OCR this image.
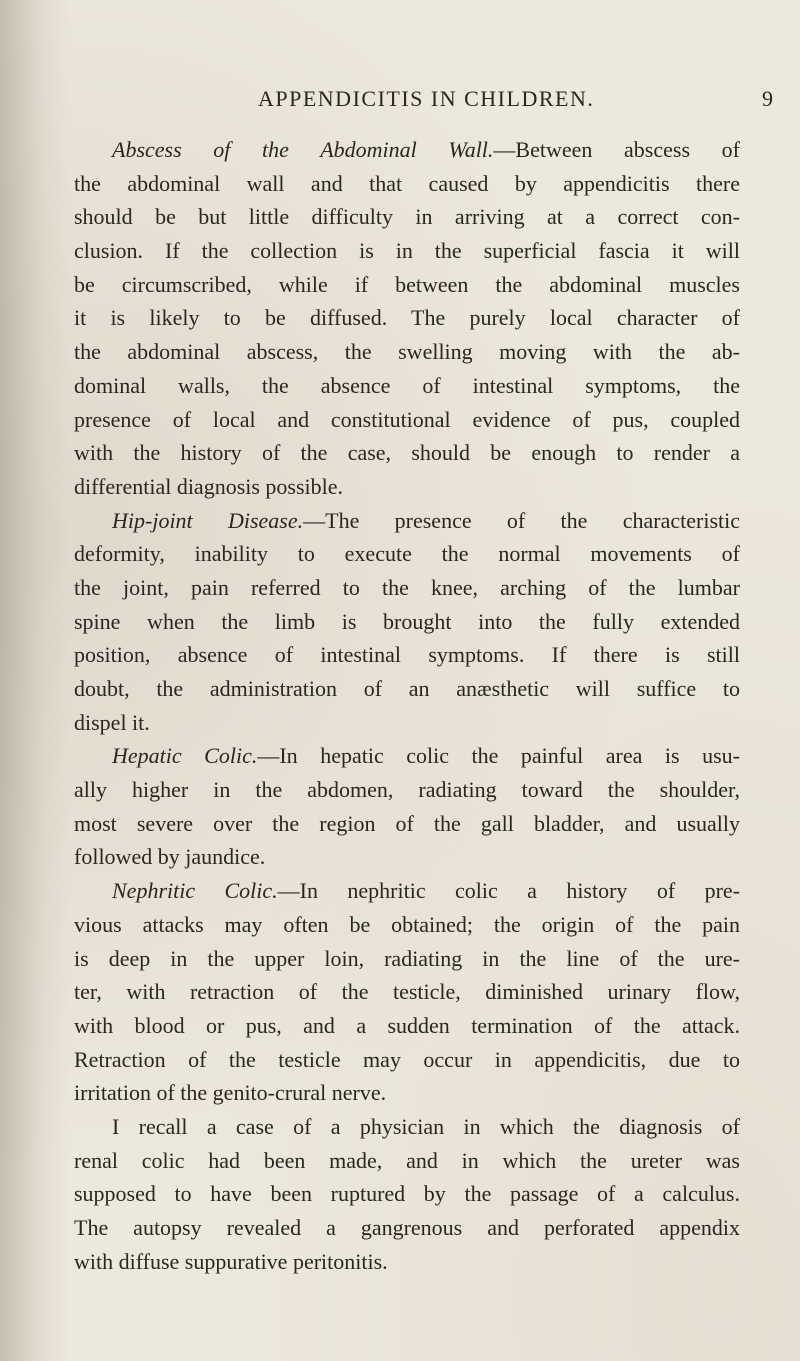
APPENDICITIS IN CHILDREN.	9
Abscess of the Abdominal Wall.—Between abscess of
the abdominal wall and that caused by appendicitis there
should be but little difficulty in arriving at a correct con-
clusion. If the collection is in the superficial fascia it will
be circumscribed, while if between the abdominal muscles
it is likely to be diffused. The purely local character of
the abdominal abscess, the swelling moving with the ab-
dominal walls, the absence of intestinal symptoms, the
presence of local and constitutional evidence of pus, coupled
with the history of the case, should be enough to render a
differential diagnosis possible.
Hip-joint Disease.—The presence of the characteristic
deformity, inability to execute the normal movements of
the joint, pain referred to the knee, arching of the lumbar
spine when the limb is brought into the fully extended
position, absence of intestinal symptoms. If there is still
doubt, the administration of an anæsthetic will suffice to
dispel it.
Hepatic Colic.—In hepatic colic the painful area is usu-
ally higher in the abdomen, radiating toward the shoulder,
most severe over the region of the gall bladder, and usually
followed by jaundice.
Nephritic Colic.—In nephritic colic a history of pre-
vious attacks may often be obtained; the origin of the pain
is deep in the upper loin, radiating in the line of the ure-
ter, with retraction of the testicle, diminished urinary flow,
with blood or pus, and a sudden termination of the attack.
Retraction of the testicle may occur in appendicitis, due to
irritation of the genito-crural nerve.
I recall a case of a physician in which the diagnosis of
renal colic had been made, and in which the ureter was
supposed to have been ruptured by the passage of a calculus.
The autopsy revealed a gangrenous and perforated appendix
with diffuse suppurative peritonitis.
